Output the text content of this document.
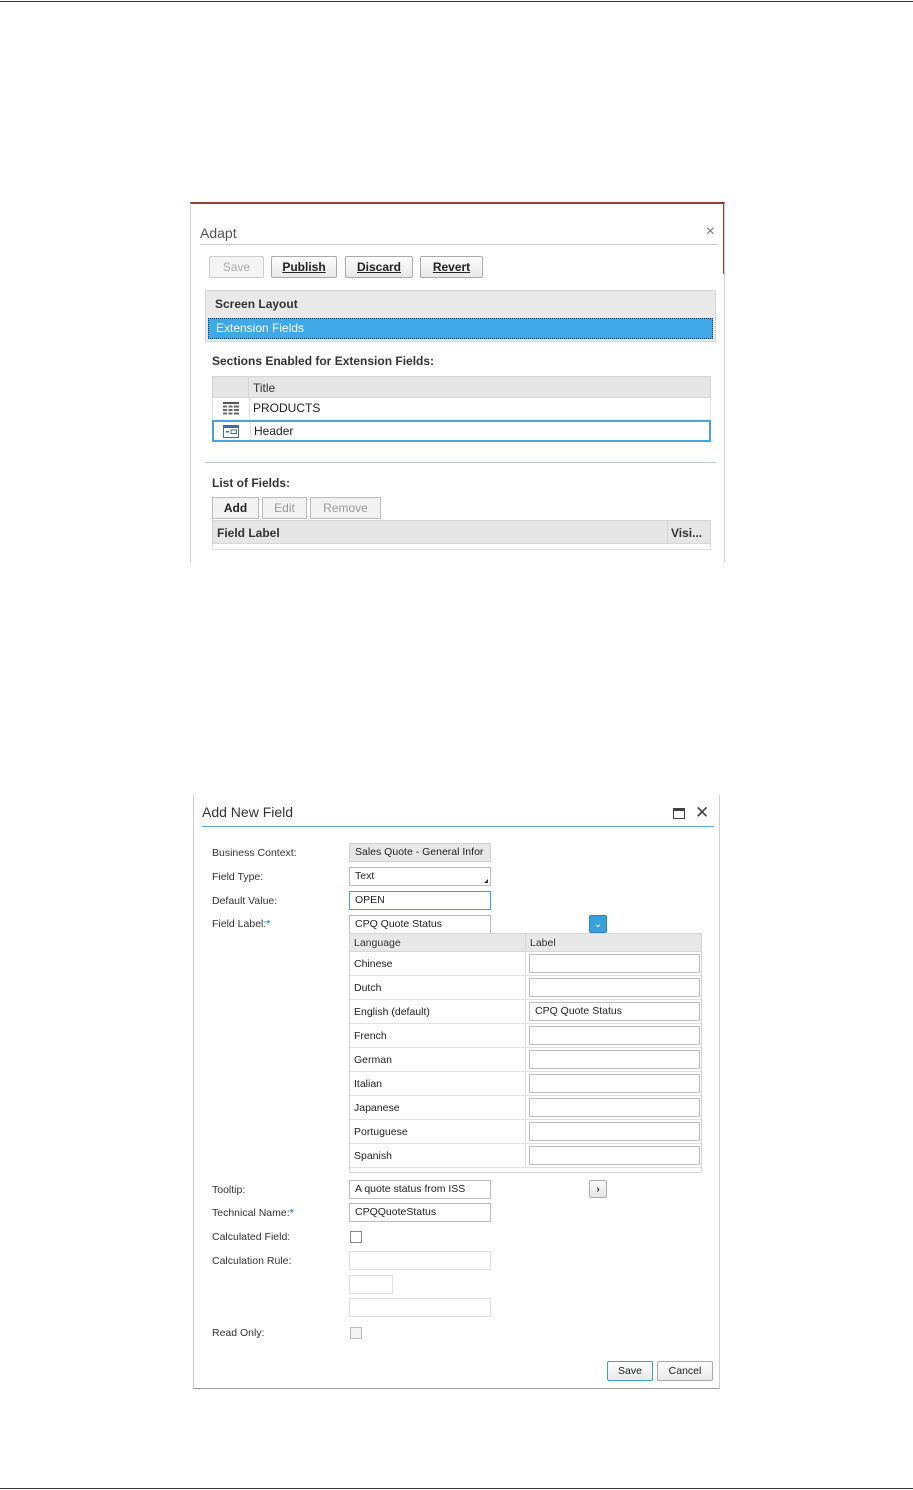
Adapt	×
Save	Publish	Discard	Revert
Screen Layout
Extension Fields
Sections Enabled for Extension Fields:
Title
PRODUCTS
Header
List of Fields:
Add	Edit	Remove
Field Label	Visi...
Add New Field	✕
Business Context:	Sales Quote - General Infor
Field Type:	Text
Default Value:	OPEN
Field Label:*	CPQ Quote Status	⌄
Language	Label
Chinese
Dutch
English (default)	CPQ Quote Status
French
German
Italian
Japanese
Portuguese
Spanish
Tooltip:	A quote status from ISS	›
Technical Name:*	CPQQuoteStatus
Calculated Field:
Calculation Rule:
Read Only:
Save	Cancel
